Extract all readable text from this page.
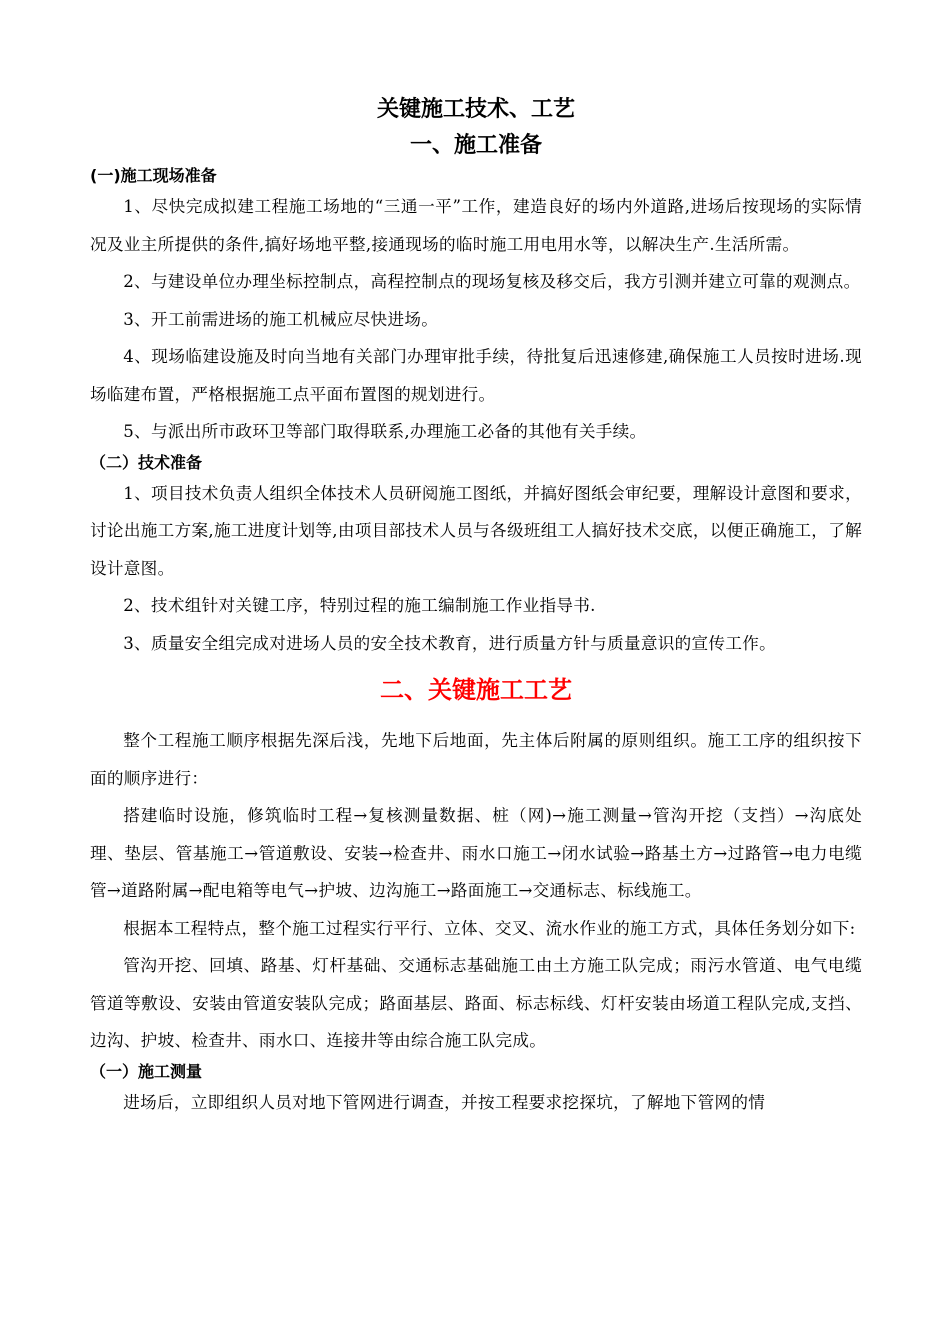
关键施工技术、工艺

一、施工准备

(一)施工现场准备

1、尽快完成拟建工程施工场地的“三通一平”工作，建造良好的场内外道路,进场后按现场的实际情况及业主所提供的条件,搞好场地平整,接通现场的临时施工用电用水等，以解决生产.生活所需。

2、与建设单位办理坐标控制点，高程控制点的现场复核及移交后，我方引测并建立可靠的观测点。

3、开工前需进场的施工机械应尽快进场。

4、现场临建设施及时向当地有关部门办理审批手续，待批复后迅速修建,确保施工人员按时进场.现场临建布置，严格根据施工点平面布置图的规划进行。

5、与派出所市政环卫等部门取得联系,办理施工必备的其他有关手续。

（二）技术准备

1、项目技术负责人组织全体技术人员研阅施工图纸，并搞好图纸会审纪要，理解设计意图和要求，讨论出施工方案,施工进度计划等,由项目部技术人员与各级班组工人搞好技术交底，以便正确施工，了解设计意图。

2、技术组针对关键工序，特别过程的施工编制施工作业指导书.

3、质量安全组完成对进场人员的安全技术教育，进行质量方针与质量意识的宣传工作。

二、关键施工工艺

整个工程施工顺序根据先深后浅，先地下后地面，先主体后附属的原则组织。施工工序的组织按下面的顺序进行：

搭建临时设施，修筑临时工程→复核测量数据、桩（网)→施工测量→管沟开挖（支挡）→沟底处理、垫层、管基施工→管道敷设、安装→检查井、雨水口施工→闭水试验→路基土方→过路管→电力电缆管→道路附属→配电箱等电气→护坡、边沟施工→路面施工→交通标志、标线施工。

根据本工程特点，整个施工过程实行平行、立体、交叉、流水作业的施工方式，具体任务划分如下:

管沟开挖、回填、路基、灯杆基础、交通标志基础施工由土方施工队完成；雨污水管道、电气电缆管道等敷设、安装由管道安装队完成；路面基层、路面、标志标线、灯杆安装由场道工程队完成,支挡、边沟、护坡、检查井、雨水口、连接井等由综合施工队完成。

（一）施工测量

进场后，立即组织人员对地下管网进行调查，并按工程要求挖探坑，了解地下管网的情
